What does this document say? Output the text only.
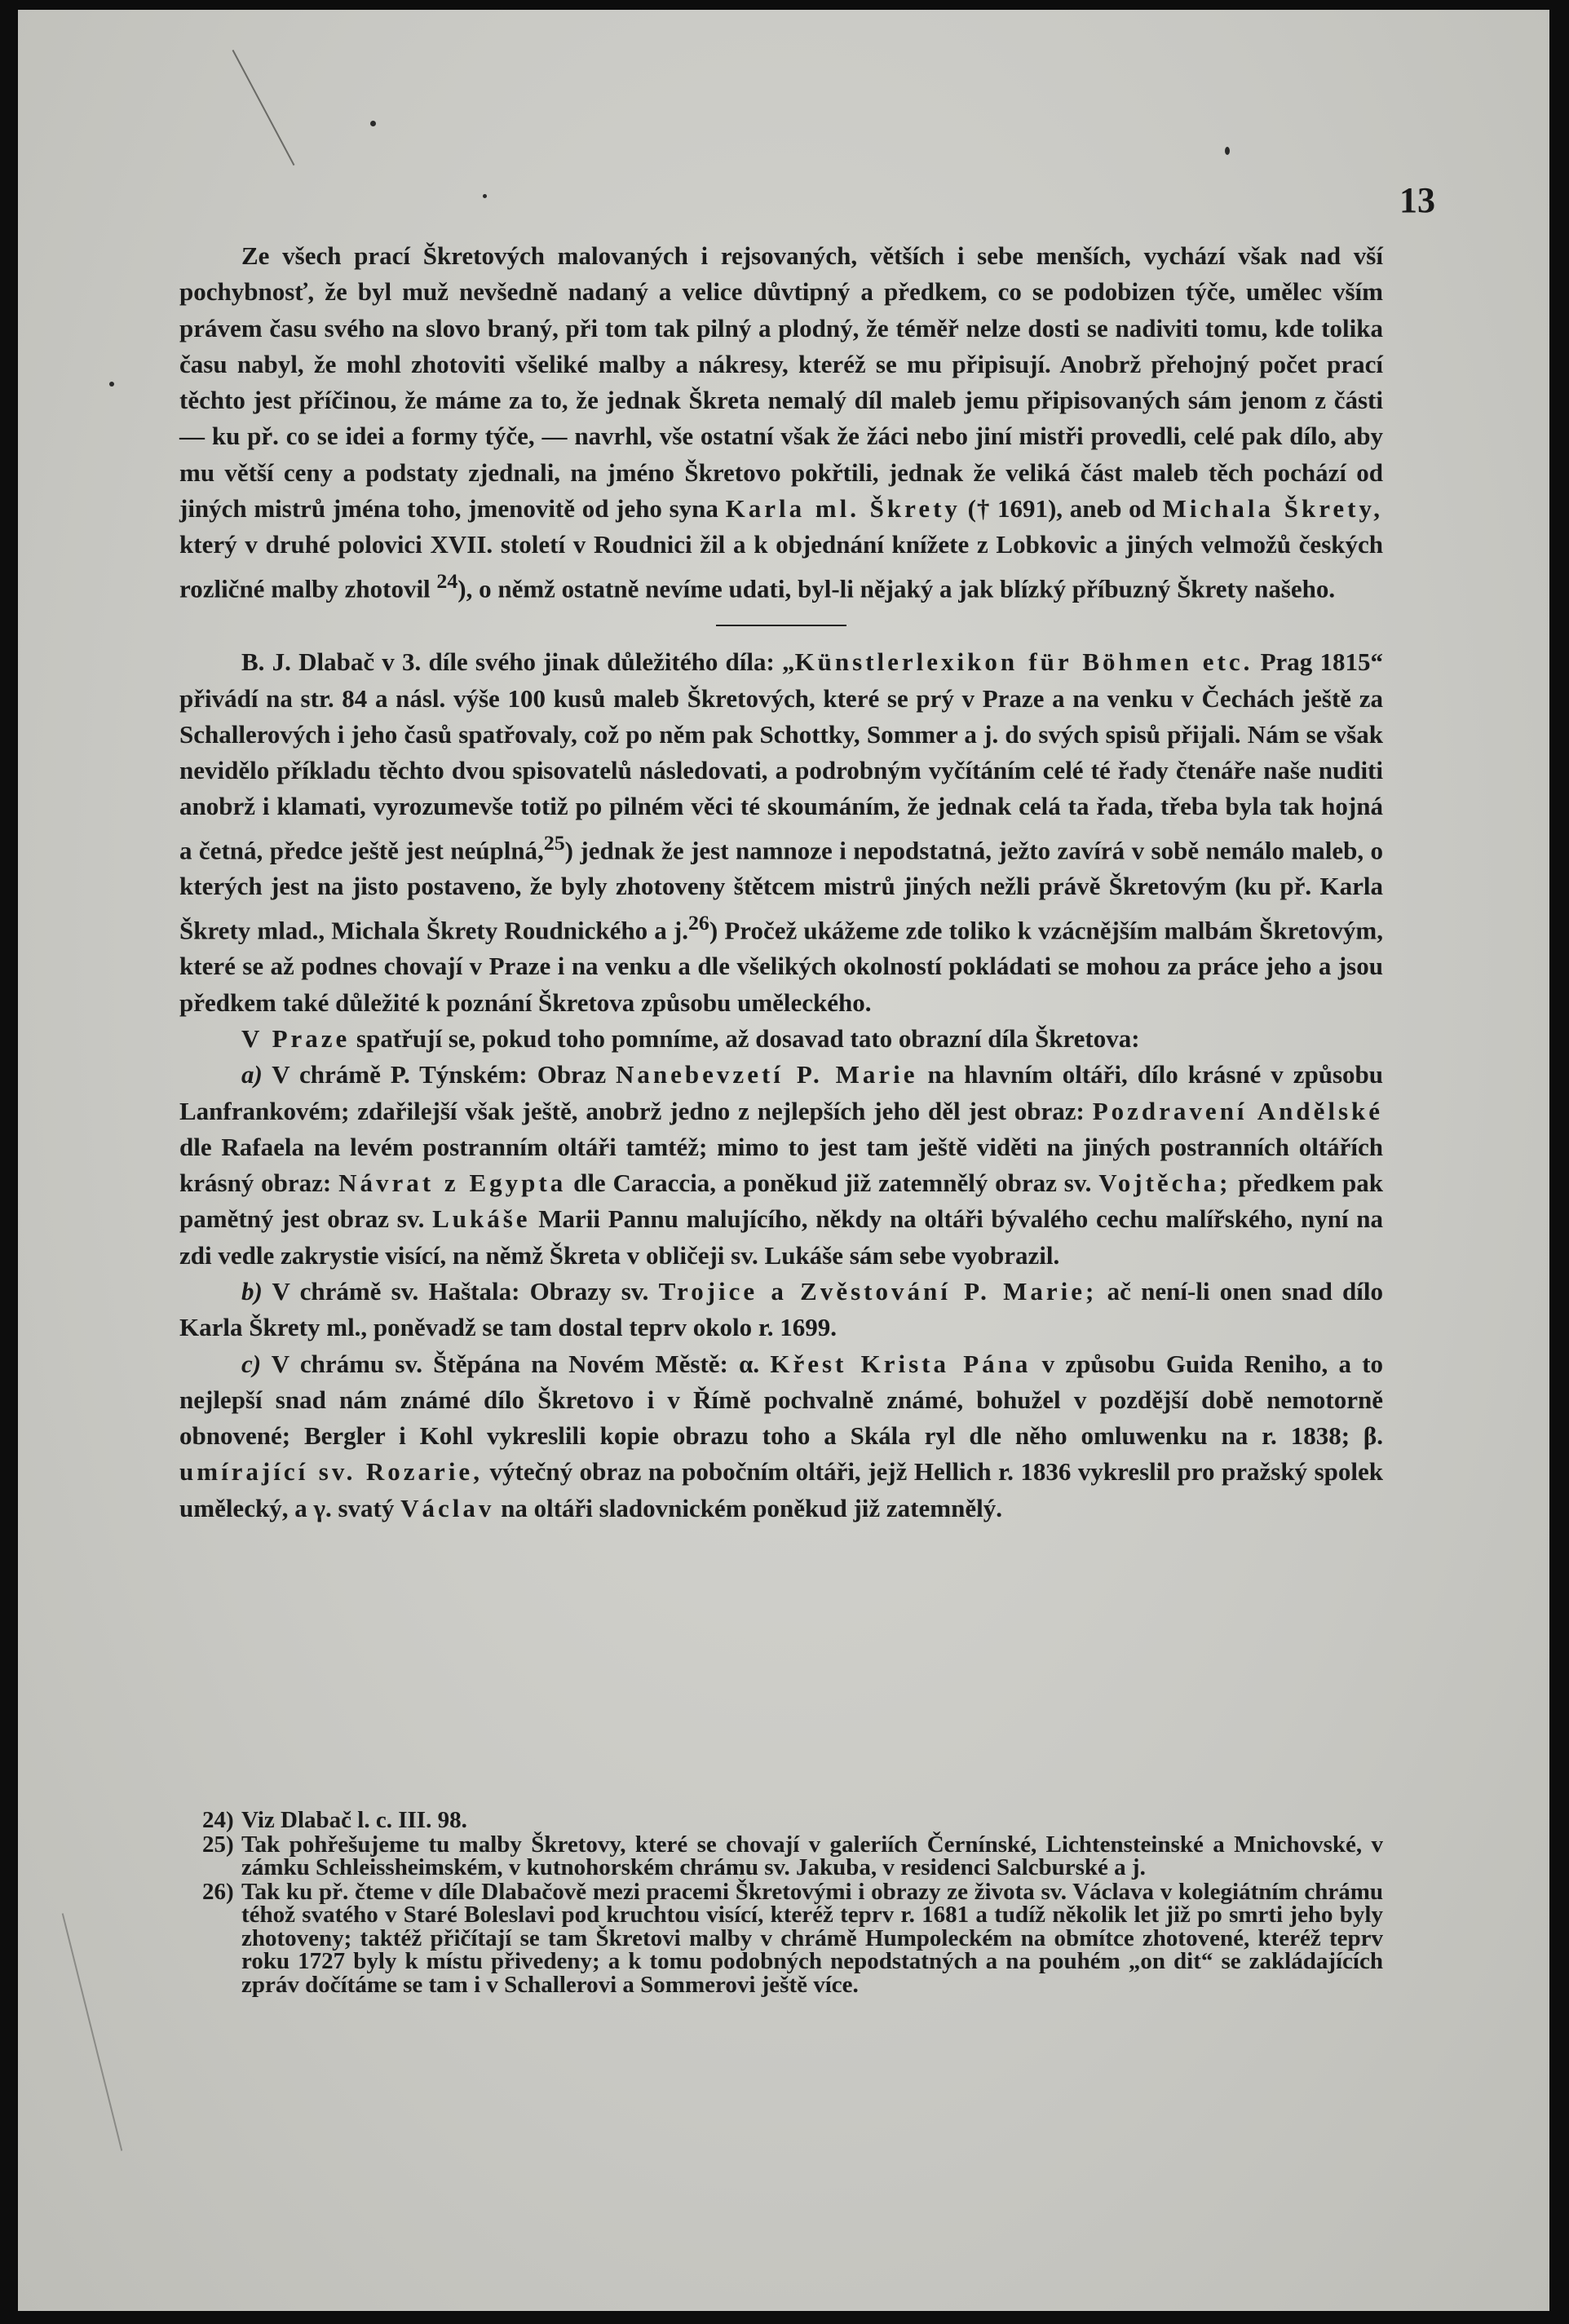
13

Ze všech prací Škretových malovaných i rejsovaných, větších i sebe menších, vychází však nad vší pochybnosť, že byl muž nevšedně nadaný a velice důvtipný a předkem, co se podobizen týče, umělec vším právem času svého na slovo braný, při tom tak pilný a plodný, že téměř nelze dosti se nadiviti tomu, kde tolika času nabyl, že mohl zhotoviti všeliké malby a nákresy, kteréž se mu připisují. Anobrž přehojný počet prací těchto jest příčinou, že máme za to, že jednak Škreta nemalý díl maleb jemu připisovaných sám jenom z části — ku př. co se idei a formy týče, — navrhl, vše ostatní však že žáci nebo jiní mistři provedli, celé pak dílo, aby mu větší ceny a podstaty zjednali, na jméno Škretovo pokřtili, jednak že veliká část maleb těch pochází od jiných mistrů jména toho, jmenovitě od jeho syna Karla ml. Škrety († 1691), aneb od Michala Škrety, který v druhé polovici XVII. století v Roudnici žil a k objednání knížete z Lobkovic a jiných velmožů českých rozličné malby zhotovil $^{24}$), o němž ostatně nevíme udati, byl-li nějaký a jak blízký příbuzný Škrety našeho.

B. J. Dlabač v 3. díle svého jinak důležitého díla: „Künstlerlexikon für Böhmen etc. Prag 1815“ přivádí na str. 84 a násl. výše 100 kusů maleb Škretových, které se prý v Praze a na venku v Čechách ještě za Schallerových i jeho časů spatřovaly, což po něm pak Schottky, Sommer a j. do svých spisů přijali. Nám se však nevidělo příkladu těchto dvou spisovatelů následovati, a podrobným vyčítáním celé té řady čtenáře naše nuditi anobrž i klamati, vyrozumevše totiž po pilném věci té skoumáním, že jednak celá ta řada, třeba byla tak hojná a četná, předce ještě jest neúplná,$^{25}$) jednak že jest namnoze i nepodstatná, ježto zavírá v sobě nemálo maleb, o kterých jest na jisto postaveno, že byly zhotoveny štětcem mistrů jiných nežli právě Škretovým (ku př. Karla Škrety mlad., Michala Škrety Roudnického a j.$^{26}$) Pročež ukážeme zde toliko k vzácnějším malbám Škretovým, které se až podnes chovají v Praze i na venku a dle všelikých okolností pokládati se mohou za práce jeho a jsou předkem také důležité k poznání Škretova způsobu uměleckého.

V Praze spatřují se, pokud toho pomníme, až dosavad tato obrazní díla Škretova:

a) V chrámě P. Týnském: Obraz Nanebevzetí P. Marie na hlavním oltáři, dílo krásné v způsobu Lanfrankovém; zdařilejší však ještě, anobrž jedno z nejlepších jeho děl jest obraz: Pozdravení Andělské dle Rafaela na levém postranním oltáři tamtéž; mimo to jest tam ještě viděti na jiných postranních oltářích krásný obraz: Návrat z Egypta dle Caraccia, a poněkud již zatemnělý obraz sv. Vojtěcha; předkem pak pamětný jest obraz sv. Lukáše Marii Pannu malujícího, někdy na oltáři bývalého cechu malířského, nyní na zdi vedle zakrystie visící, na němž Škreta v obličeji sv. Lukáše sám sebe vyobrazil.

b) V chrámě sv. Haštala: Obrazy sv. Trojice a Zvěstování P. Marie; ač není-li onen snad dílo Karla Škrety ml., poněvadž se tam dostal teprv okolo r. 1699.

c) V chrámu sv. Štěpána na Novém Městě: α. Křest Krista Pána v způsobu Guida Reniho, a to nejlepší snad nám známé dílo Škretovo i v Římě pochvalně známé, bohužel v pozdější době nemotorně obnovené; Bergler i Kohl vykreslili kopie obrazu toho a Skála ryl dle něho omluwenku na r. 1838; β. umírající sv. Rozarie, výtečný obraz na pobočním oltáři, jejž Hellich r. 1836 vykreslil pro pražský spolek umělecký, a γ. svatý Václav na oltáři sladovnickém poněkud již zatemnělý.

24) Viz Dlabač l. c. III. 98.

25) Tak pohřešujeme tu malby Škretovy, které se chovají v galeriích Černínské, Lichtensteinské a Mnichovské, v zámku Schleissheimském, v kutnohorském chrámu sv. Jakuba, v residenci Salcburské a j.

26) Tak ku př. čteme v díle Dlabačově mezi pracemi Škretovými i obrazy ze života sv. Václava v kolegiátním chrámu téhož svatého v Staré Boleslavi pod kruchtou visící, kteréž teprv r. 1681 a tudíž několik let již po smrti jeho byly zhotoveny; taktéž přičítají se tam Škretovi malby v chrámě Humpoleckém na obmítce zhotovené, kteréž teprv roku 1727 byly k místu přivedeny; a k tomu podobných nepodstatných a na pouhém „on dit“ se zakládajících zpráv dočítáme se tam i v Schallerovi a Sommerovi ještě více.
